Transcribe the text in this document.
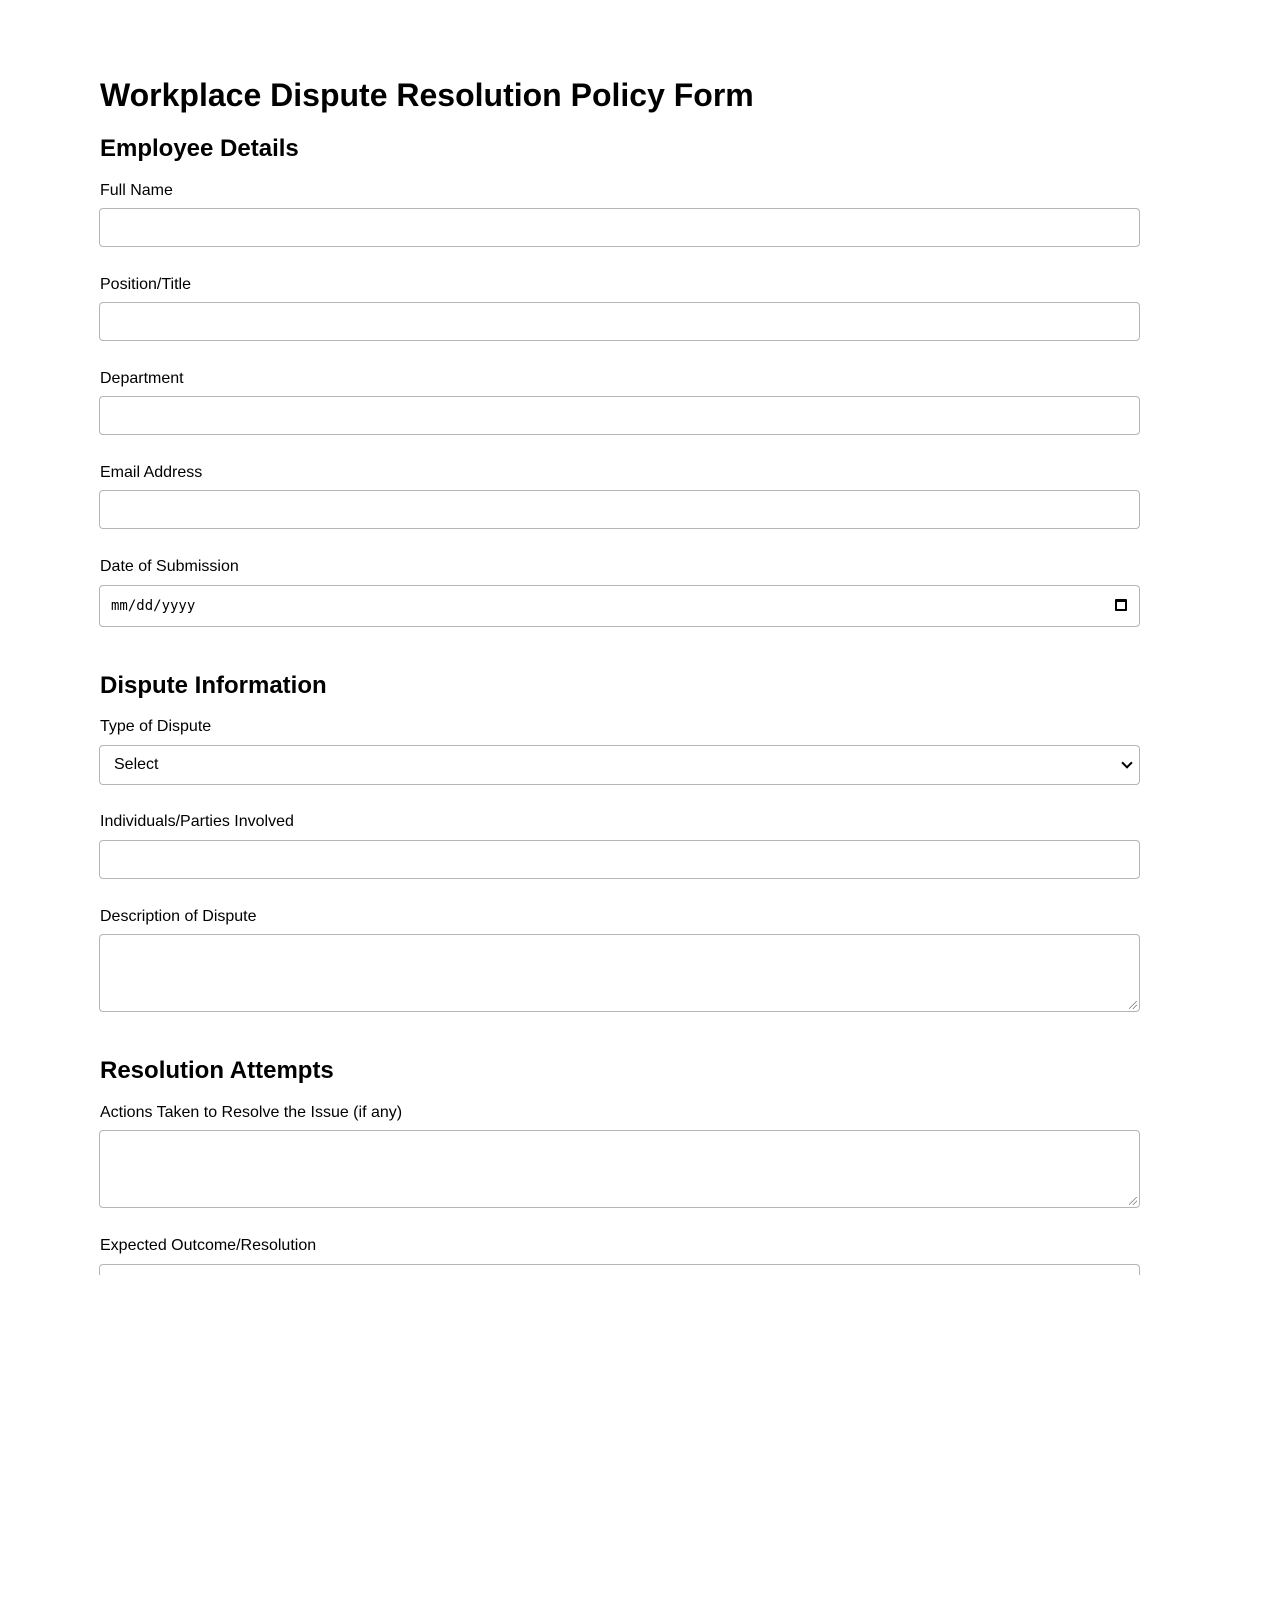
Workplace Dispute Resolution Policy Form
Employee Details
Full Name
Position/Title
Department
Email Address
Date of Submission
mm/dd/yyyy
Dispute Information
Type of Dispute
Select
Individuals/Parties Involved
Description of Dispute
Resolution Attempts
Actions Taken to Resolve the Issue (if any)
Expected Outcome/Resolution
